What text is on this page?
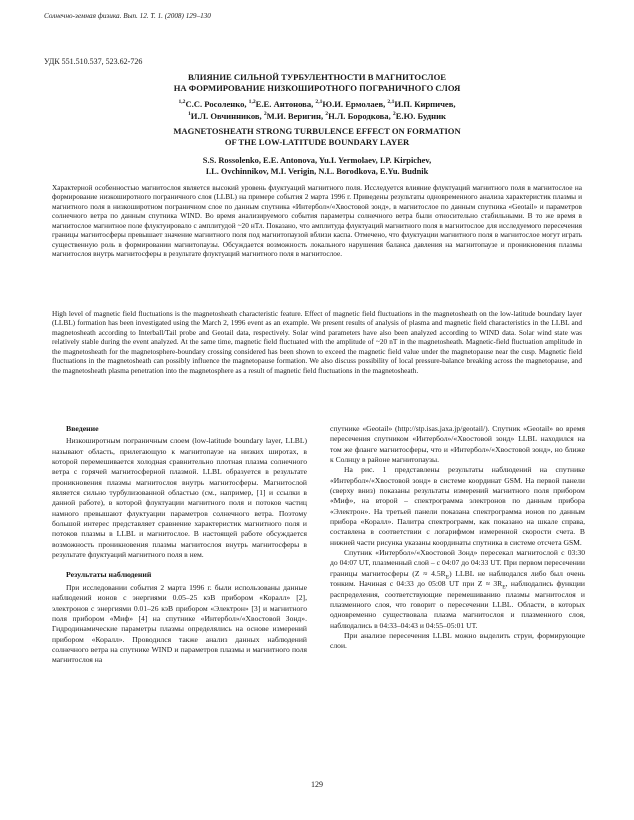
Солнечно-земная физика. Вып. 12. Т. 1. (2008) 129–130
УДК 551.510.537, 523.62-726
ВЛИЯНИЕ СИЛЬНОЙ ТУРБУЛЕНТНОСТИ В МАГНИТОСЛОЕ
НА ФОРМИРОВАНИЕ НИЗКОШИРОТНОГО ПОГРАНИЧНОГО СЛОЯ
$^{1,2}$С.С. Росоленко, $^{1,2}$Е.Е. Антонова, $^{2,1}$Ю.И. Ермолаев, $^{2,1}$И.П. Кирпичев,
$^1$И.Л. Овчинников, $^2$М.И. Веригин, $^2$Н.Л. Бородкова, $^2$Е.Ю. Будник
MAGNETOSHEATH STRONG TURBULENCE EFFECT ON FORMATION
OF THE LOW-LATITUDE BOUNDARY LAYER
S.S. Rossolenko, E.E. Antonova, Yu.I. Yermolaev, I.P. Kirpichev,
I.L. Ovchinnikov, M.I. Verigin, N.L. Borodkova, E.Yu. Budnik

Характерной особенностью магнитослоя является высокий уровень флуктуаций магнитного поля. Исследуется влияние флуктуаций магнитного поля в магнитослое на формирование низкоширотного пограничного слоя (LLBL) на примере события 2 марта 1996 г. Приведены результаты одновременного анализа характеристик плазмы и магнитного поля в низкоширотном пограничном слое по данным спутника «Интербол»/«Хвостовой зонд», в магнитослое по данным спутника «Geotail» и параметров солнечного ветра по данным спутника WIND. Во время анализируемого события параметры солнечного ветра были относительно стабильными. В то же время в магнитослое магнитное поле флуктуировало с амплитудой ~20 нТл. Показано, что амплитуда флуктуаций магнитного поля в магнитослое для исследуемого пересечения границы магнитосферы превышает значение магнитного поля под магнитопаузой вблизи каспа. Отмечено, что флуктуации магнитного поля в магнитослое могут играть существенную роль в формировании магнитопаузы. Обсуждается возможность локального нарушения баланса давления на магнитопаузе и проникновения плазмы магнитослоя внутрь магнитосферы в результате флуктуаций магнитного поля в магнитослое.

High level of magnetic field fluctuations is the magnetosheath characteristic feature. Effect of magnetic field fluctuations in the magnetosheath on the low-latitude boundary layer (LLBL) formation has been investigated using the March 2, 1996 event as an example. We present results of analysis of plasma and magnetic field characteristics in the LLBL and magnetosheath according to Interball/Tail probe and Geotail data, respectively. Solar wind parameters have also been analyzed according to WIND data. Solar wind state was relatively stable during the event analyzed. At the same time, magnetic field fluctuated with the amplitude of ~20 nT in the magnetosheath. Magnetic-field fluctuation amplitude in the magnetosheath for the magnetosphere-boundary crossing considered has been shown to exceed the magnetic field value under the magnetopause near the cusp. Magnetic field fluctuations in the magnetosheath can possibly influence the magnetopause formation. We also discuss possibility of local pressure-balance breaking across the magnetopause, and the magnetosheath plasma penetration into the magnetosphere as a result of magnetic field fluctuations in the magnetosheath.

Введение

Низкоширотным пограничным слоем (low-latitude boundary layer, LLBL) называют область, прилегающую к магнитопаузе на низких широтах, в которой перемешивается холодная сравнительно плотная плазма солнечного ветра с горячей магнитосферной плазмой. LLBL образуется в результате проникновения плазмы магнитослоя внутрь магнитосферы. Магнитослой является сильно турбулизованной областью (см., например, [1] и ссылки в данной работе), в которой флуктуации магнитного поля и потоков частиц намного превышают флуктуации параметров солнечного ветра. Поэтому большой интерес представляет сравнение характеристик магнитного поля и потоков плазмы в LLBL и магнитослое. В настоящей работе обсуждается возможность проникновения плазмы магнитослоя внутрь магнитосферы в результате флуктуаций магнитного поля в нем.

Результаты наблюдений

При исследовании события 2 марта 1996 г. были использованы данные наблюдений ионов с энергиями 0.05–25 кэВ прибором «Коралл» [2], электронов с энергиями 0.01–26 кэВ прибором «Электрон» [3] и магнитного поля прибором «Миф» [4] на спутнике «Интербол»/«Хвостовой Зонд». Гидродинамические параметры плазмы определялись на основе измерений прибором «Коралл». Проводился также анализ данных наблюдений солнечного ветра на спутнике WIND и параметров плазмы и магнитного поля магнитослоя на

спутнике «Geotail» (http://stp.isas.jaxa.jp/geotail/). Спутник «Geotail» во время пересечения спутником «Интербол»/«Хвостовой зонд» LLBL находился на том же фланге магнитосферы, что и «Интербол»/«Хвостовой зонд», но ближе к Солнцу в районе магнитопаузы.

На рис. 1 представлены результаты наблюдений на спутнике «Интербол»/«Хвостовой зонд» в системе координат GSM. На первой панели (сверху вниз) показаны результаты измерений магнитного поля прибором «Миф», на второй – спектрограмма электронов по данным прибора «Электрон». На третьей панели показана спектрограмма ионов по данным прибора «Коралл». Палитра спектрограмм, как показано на шкале справа, составлена в соответствии с логарифмом измеренной скорости счета. В нижней части рисунка указаны координаты спутника в системе отсчета GSM.

Спутник «Интербол»/«Хвостовой Зонд» пересекал магнитослой с 03:30 до 04:07 UT, плазменный слой – с 04:07 до 04:33 UT. При первом пересечении границы магнитосферы $(Z \approx 4.5R_E)$ LLBL не наблюдался либо был очень тонким. Начиная с 04:33 до 05:08 UT при $Z \approx 3R_E$, наблюдались функции распределения, соответствующие перемешиванию плазмы магнитослоя и плазменного слоя, что говорит о пересечении LLBL. Области, в которых одновременно существовала плазма магнитослоя и плазменного слоя, наблюдались в 04:33–04:43 и 04:55–05:01 UT.

При анализе пересечения LLBL можно выделить струи, формирующие слои.

129
